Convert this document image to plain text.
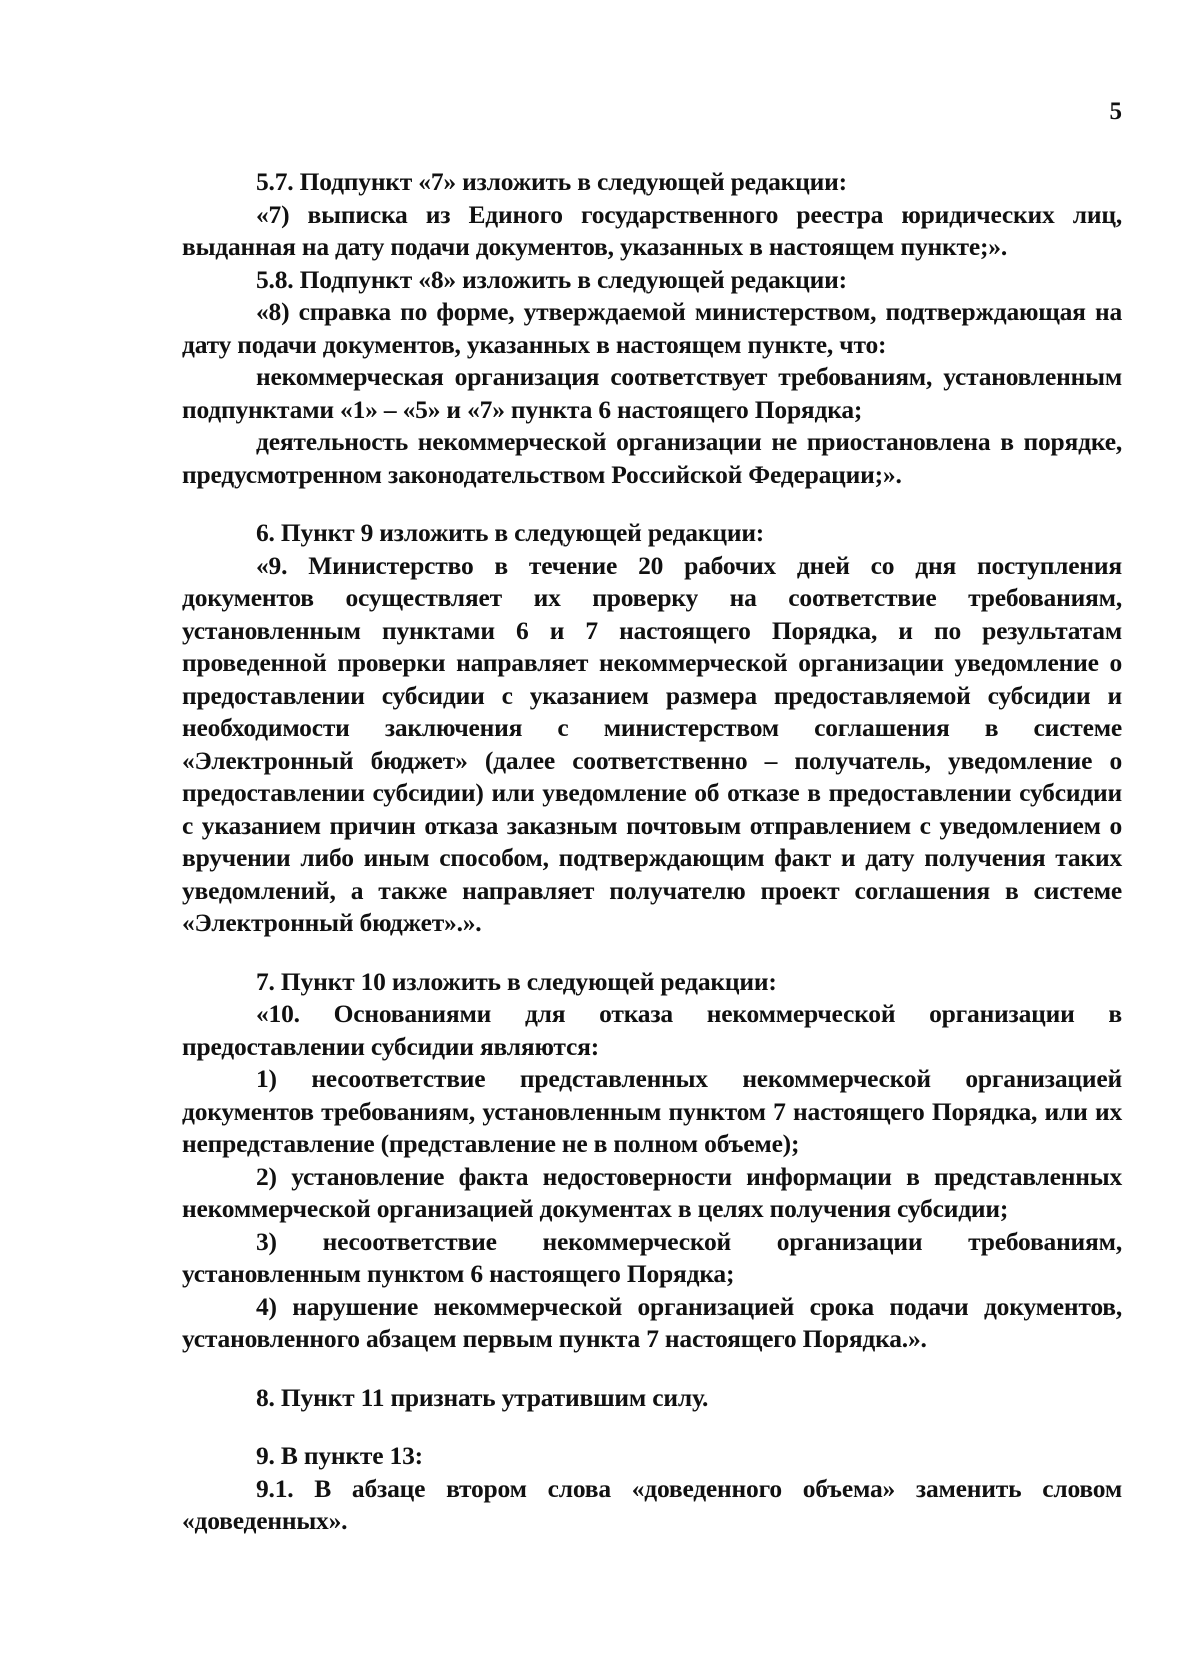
5

5.7. Подпункт «7» изложить в следующей редакции:

«7) выписка из Единого государственного реестра юридических лиц, выданная на дату подачи документов, указанных в настоящем пункте;».

5.8. Подпункт «8» изложить в следующей редакции:

«8) справка по форме, утверждаемой министерством, подтверждающая на дату подачи документов, указанных в настоящем пункте, что:

некоммерческая организация соответствует требованиям, установленным подпунктами «1» – «5» и «7» пункта 6 настоящего Порядка;

деятельность некоммерческой организации не приостановлена в порядке, предусмотренном законодательством Российской Федерации;».

6. Пункт 9 изложить в следующей редакции:

«9. Министерство в течение 20 рабочих дней со дня поступления документов осуществляет их проверку на соответствие требованиям, установленным пунктами 6 и 7 настоящего Порядка, и по результатам проведенной проверки направляет некоммерческой организации уведомление о предоставлении субсидии с указанием размера предоставляемой субсидии и необходимости заключения с министерством соглашения в системе «Электронный бюджет» (далее соответственно – получатель, уведомление о предоставлении субсидии) или уведомление об отказе в предоставлении субсидии с указанием причин отказа заказным почтовым отправлением с уведомлением о вручении либо иным способом, подтверждающим факт и дату получения таких уведомлений, а также направляет получателю проект соглашения в системе «Электронный бюджет».».

7. Пункт 10 изложить в следующей редакции:

«10. Основаниями для отказа некоммерческой организации в предоставлении субсидии являются:

1) несоответствие представленных некоммерческой организацией документов требованиям, установленным пунктом 7 настоящего Порядка, или их непредставление (представление не в полном объеме);

2) установление факта недостоверности информации в представленных некоммерческой организацией документах в целях получения субсидии;

3) несоответствие некоммерческой организации требованиям, установленным пунктом 6 настоящего Порядка;

4) нарушение некоммерческой организацией срока подачи документов, установленного абзацем первым пункта 7 настоящего Порядка.».

8. Пункт 11 признать утратившим силу.

9. В пункте 13:

9.1. В абзаце втором слова «доведенного объема» заменить словом «доведенных».
